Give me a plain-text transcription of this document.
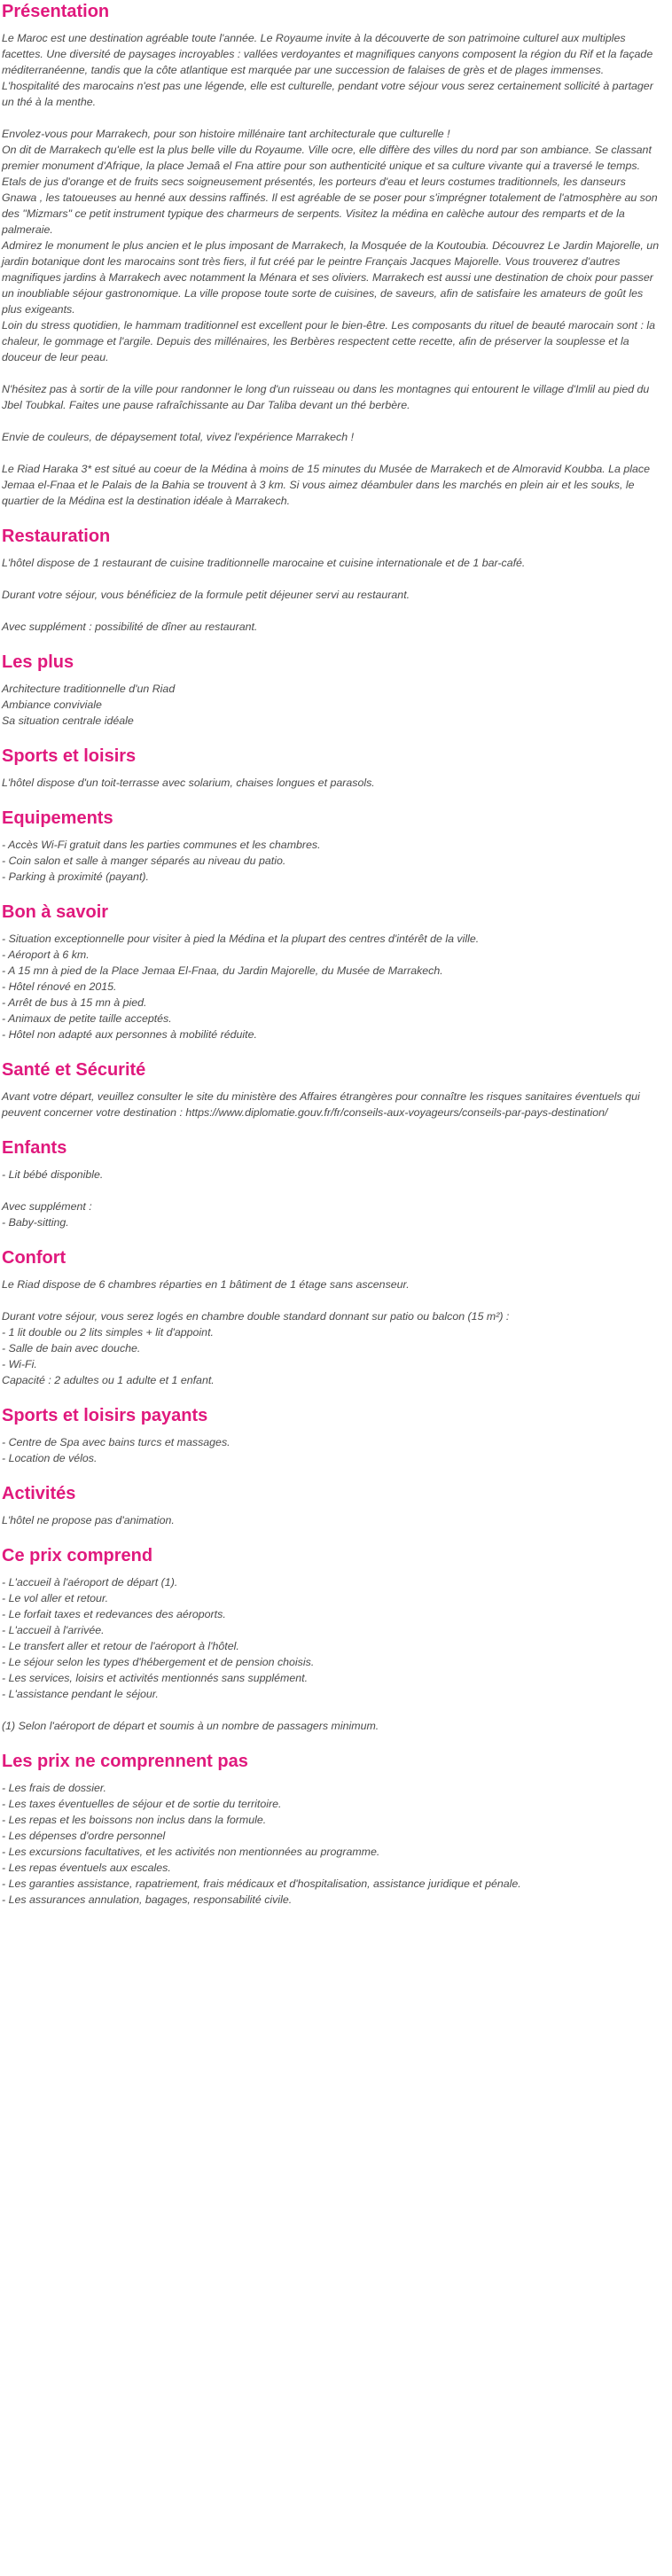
Présentation

Le Maroc est une destination agréable toute l'année. Le Royaume invite à la découverte de son patrimoine culturel aux multiples facettes. Une diversité de paysages incroyables : vallées verdoyantes et magnifiques canyons composent la région du Rif et la façade méditerranéenne, tandis que la côte atlantique est marquée par une succession de falaises de grès et de plages immenses. L'hospitalité des marocains n'est pas une légende, elle est culturelle, pendant votre séjour vous serez certainement sollicité à partager un thé à la menthe.

Envolez-vous pour Marrakech, pour son histoire millénaire tant architecturale que culturelle !

On dit de Marrakech qu'elle est la plus belle ville du Royaume. Ville ocre, elle diffère des villes du nord par son ambiance. Se classant premier monument d'Afrique, la place Jemaâ el Fna attire pour son authenticité unique et sa culture vivante qui a traversé le temps. Etals de jus d'orange et de fruits secs soigneusement présentés, les porteurs d'eau et leurs costumes traditionnels, les danseurs Gnawa , les tatoueuses au henné aux dessins raffinés. Il est agréable de se poser pour s'imprégner totalement de l'atmosphère au son des "Mizmars" ce petit instrument typique des charmeurs de serpents. Visitez la médina en calèche autour des remparts et de la palmeraie.

Admirez le monument le plus ancien et le plus imposant de Marrakech, la Mosquée de la Koutoubia. Découvrez Le Jardin Majorelle, un jardin botanique dont les marocains sont très fiers, il fut créé par le peintre Français Jacques Majorelle. Vous trouverez d'autres magnifiques jardins à Marrakech avec notamment la Ménara et ses oliviers. Marrakech est aussi une destination de choix pour passer un inoubliable séjour gastronomique. La ville propose toute sorte de cuisines, de saveurs, afin de satisfaire les amateurs de goût les plus exigeants.

Loin du stress quotidien, le hammam traditionnel est excellent pour le bien-être. Les composants du rituel de beauté marocain sont : la chaleur, le gommage et l'argile. Depuis des millénaires, les Berbères respectent cette recette, afin de préserver la souplesse et la douceur de leur peau.

N'hésitez pas à sortir de la ville pour randonner le long d'un ruisseau ou dans les montagnes qui entourent le village d'Imlil au pied du Jbel Toubkal. Faites une pause rafraîchissante au Dar Taliba devant un thé berbère.

Envie de couleurs, de dépaysement total, vivez l'expérience Marrakech !

Le Riad Haraka 3* est situé au coeur de la Médina à moins de 15 minutes du Musée de Marrakech et de Almoravid Koubba. La place Jemaa el-Fnaa et le Palais de la Bahia se trouvent à 3 km. Si vous aimez déambuler dans les marchés en plein air et les souks, le quartier de la Médina est la destination idéale à Marrakech.

Restauration

L'hôtel dispose de 1 restaurant de cuisine traditionnelle marocaine et cuisine internationale et de 1 bar-café.

Durant votre séjour, vous bénéficiez de la formule petit déjeuner servi au restaurant.

Avec supplément : possibilité de dîner au restaurant.

Les plus

Architecture traditionnelle d'un Riad

Ambiance conviviale

Sa situation centrale idéale

Sports et loisirs

L'hôtel dispose d'un toit-terrasse avec solarium, chaises longues et parasols.

Equipements

- Accès Wi-Fi gratuit dans les parties communes et les chambres.

- Coin salon et salle à manger séparés au niveau du patio.

- Parking à proximité (payant).

Bon à savoir

- Situation exceptionnelle pour visiter à pied la Médina et la plupart des centres d'intérêt de la ville.

- Aéroport à 6 km.

- A 15 mn à pied de la Place Jemaa El-Fnaa, du Jardin Majorelle, du Musée de Marrakech.

- Hôtel rénové en 2015.

- Arrêt de bus à 15 mn à pied.

- Animaux de petite taille acceptés.

- Hôtel non adapté aux personnes à mobilité réduite.

Santé et Sécurité

Avant votre départ, veuillez consulter le site du ministère des Affaires étrangères pour connaître les risques sanitaires éventuels qui peuvent concerner votre destination : https://www.diplomatie.gouv.fr/fr/conseils-aux-voyageurs/conseils-par-pays-destination/

Enfants

- Lit bébé disponible.

Avec supplément :

- Baby-sitting.

Confort

Le Riad dispose de 6 chambres réparties en 1 bâtiment de 1 étage sans ascenseur.

Durant votre séjour, vous serez logés en chambre double standard donnant sur patio ou balcon (15 m²) :

- 1 lit double ou 2 lits simples + lit d'appoint.

- Salle de bain avec douche.

- Wi-Fi.

Capacité : 2 adultes ou 1 adulte et 1 enfant.

Sports et loisirs payants

- Centre de Spa avec bains turcs et massages.

- Location de vélos.

Activités

L'hôtel ne propose pas d'animation.

Ce prix comprend

- L'accueil à l'aéroport de départ (1).

- Le vol aller et retour.

- Le forfait taxes et redevances des aéroports.

- L'accueil à l'arrivée.

- Le transfert aller et retour de l'aéroport à l'hôtel.

- Le séjour selon les types d'hébergement et de pension choisis.

- Les services, loisirs et activités mentionnés sans supplément.

- L'assistance pendant le séjour.

(1) Selon l'aéroport de départ et soumis à un nombre de passagers minimum.

Les prix ne comprennent pas

- Les frais de dossier.

- Les taxes éventuelles de séjour et de sortie du territoire.

- Les repas et les boissons non inclus dans la formule.

- Les dépenses d'ordre personnel

- Les excursions facultatives, et les activités non mentionnées au programme.

- Les repas éventuels aux escales.

- Les garanties assistance, rapatriement, frais médicaux et d'hospitalisation, assistance juridique et pénale.

- Les assurances annulation, bagages, responsabilité civile.
